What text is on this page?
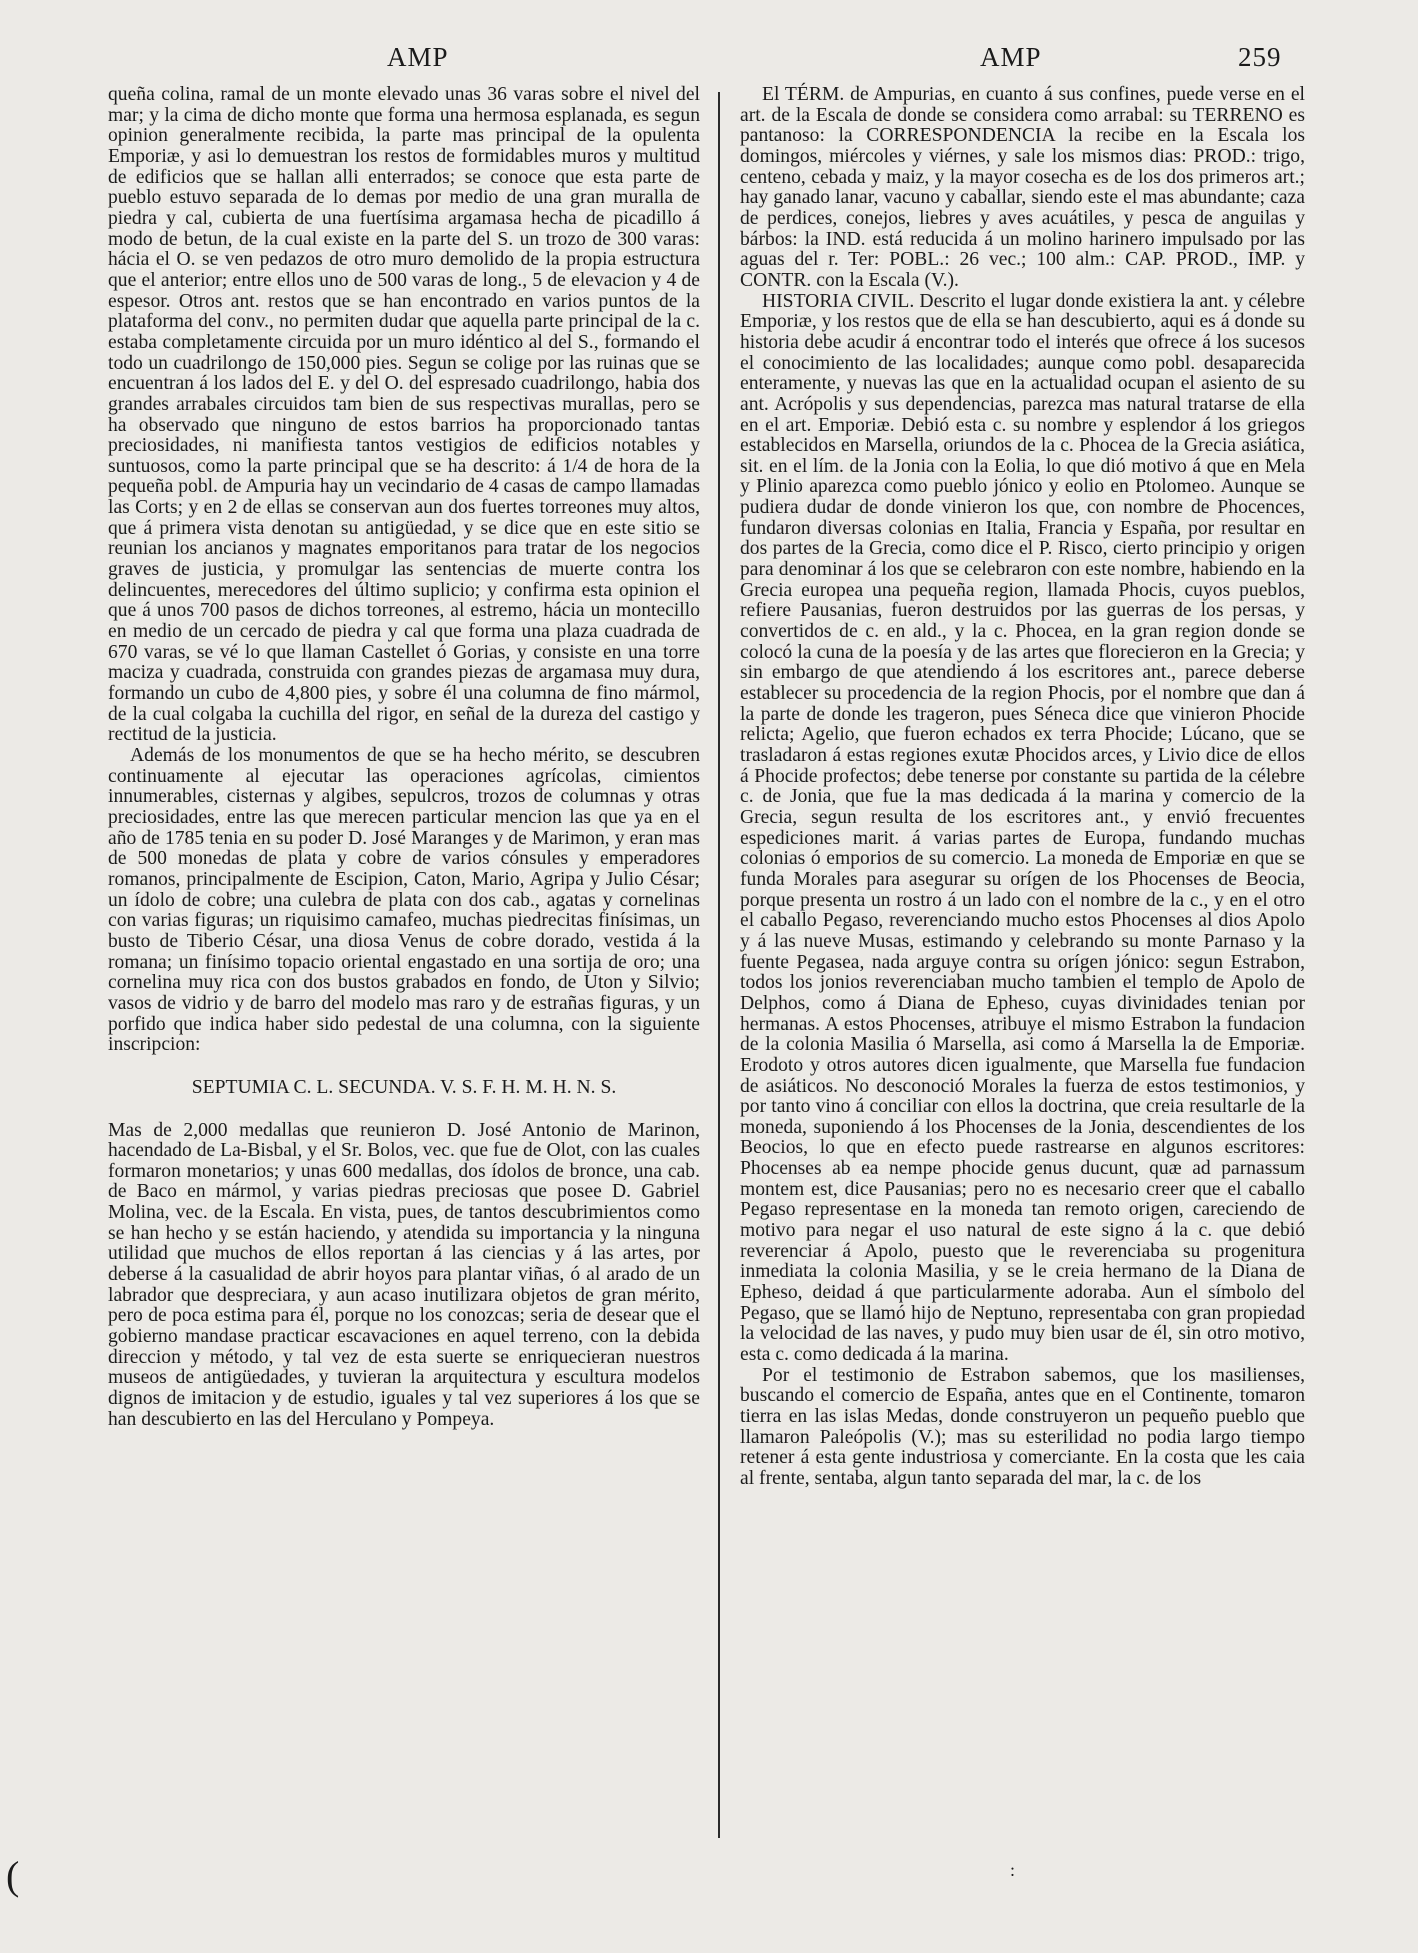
AMP	AMP	259

queña colina, ramal de un monte elevado unas 36 varas sobre el nivel del mar; y la cima de dicho monte que forma una hermosa esplanada, es segun opinion generalmente recibida, la parte mas principal de la opulenta Emporiæ, y asi lo demuestran los restos de formidables muros y multitud de edificios que se hallan alli enterrados; se conoce que esta parte de pueblo estuvo separada de lo demas por medio de una gran muralla de piedra y cal, cubierta de una fuertísima argamasa hecha de picadillo á modo de betun, de la cual existe en la parte del S. un trozo de 300 varas: hácia el O. se ven pedazos de otro muro demolido de la propia estructura que el anterior; entre ellos uno de 500 varas de long., 5 de elevacion y 4 de espesor. Otros ant. restos que se han encontrado en varios puntos de la plataforma del conv., no permiten dudar que aquella parte principal de la c. estaba completamente circuida por un muro idéntico al del S., formando el todo un cuadrilongo de 150,000 pies. Segun se colige por las ruinas que se encuentran á los lados del E. y del O. del espresado cuadrilongo, habia dos grandes arrabales circuidos tam bien de sus respectivas murallas, pero se ha observado que ninguno de estos barrios ha proporcionado tantas preciosidades, ni manifiesta tantos vestigios de edificios notables y suntuosos, como la parte principal que se ha descrito: á 1/4 de hora de la pequeña pobl. de Ampuria hay un vecindario de 4 casas de campo llamadas las Corts; y en 2 de ellas se conservan aun dos fuertes torreones muy altos, que á primera vista denotan su antigüedad, y se dice que en este sitio se reunian los ancianos y magnates emporitanos para tratar de los negocios graves de justicia, y promulgar las sentencias de muerte contra los delincuentes, merecedores del último suplicio; y confirma esta opinion el que á unos 700 pasos de dichos torreones, al estremo, hácia un montecillo en medio de un cercado de piedra y cal que forma una plaza cuadrada de 670 varas, se vé lo que llaman Castellet ó Gorias, y consiste en una torre maciza y cuadrada, construida con grandes piezas de argamasa muy dura, formando un cubo de 4,800 pies, y sobre él una columna de fino mármol, de la cual colgaba la cuchilla del rigor, en señal de la dureza del castigo y rectitud de la justicia.

Además de los monumentos de que se ha hecho mérito, se descubren continuamente al ejecutar las operaciones agrícolas, cimientos innumerables, cisternas y algibes, sepulcros, trozos de columnas y otras preciosidades, entre las que merecen particular mencion las que ya en el año de 1785 tenia en su poder D. José Maranges y de Marimon, y eran mas de 500 monedas de plata y cobre de varios cónsules y emperadores romanos, principalmente de Escipion, Caton, Mario, Agripa y Julio César; un ídolo de cobre; una culebra de plata con dos cab., agatas y cornelinas con varias figuras; un riquisimo camafeo, muchas piedrecitas finísimas, un busto de Tiberio César, una diosa Venus de cobre dorado, vestida á la romana; un finísimo topacio oriental engastado en una sortija de oro; una cornelina muy rica con dos bustos grabados en fondo, de Uton y Silvio; vasos de vidrio y de barro del modelo mas raro y de estrañas figuras, y un porfido que indica haber sido pedestal de una columna, con la siguiente inscripcion:

SEPTUMIA C. L. SECUNDA. V. S. F. H. M. H. N. S.

Mas de 2,000 medallas que reunieron D. José Antonio de Marinon, hacendado de La-Bisbal, y el Sr. Bolos, vec. que fue de Olot, con las cuales formaron monetarios; y unas 600 medallas, dos ídolos de bronce, una cab. de Baco en mármol, y varias piedras preciosas que posee D. Gabriel Molina, vec. de la Escala. En vista, pues, de tantos descubrimientos como se han hecho y se están haciendo, y atendida su importancia y la ninguna utilidad que muchos de ellos reportan á las ciencias y á las artes, por deberse á la casualidad de abrir hoyos para plantar viñas, ó al arado de un labrador que despreciara, y aun acaso inutilizara objetos de gran mérito, pero de poca estima para él, porque no los conozcas; seria de desear que el gobierno mandase practicar escavaciones en aquel terreno, con la debida direccion y método, y tal vez de esta suerte se enriquecieran nuestros museos de antigüedades, y tuvieran la arquitectura y escultura modelos dignos de imitacion y de estudio, iguales y tal vez superiores á los que se han descubierto en las del Herculano y Pompeya.

El TÉRM. de Ampurias, en cuanto á sus confines, puede verse en el art. de la Escala de donde se considera como arrabal: su TERRENO es pantanoso: la CORRESPONDENCIA la recibe en la Escala los domingos, miércoles y viérnes, y sale los mismos dias: PROD.: trigo, centeno, cebada y maiz, y la mayor cosecha es de los dos primeros art.; hay ganado lanar, vacuno y caballar, siendo este el mas abundante; caza de perdices, conejos, liebres y aves acuátiles, y pesca de anguilas y bárbos: la IND. está reducida á un molino harinero impulsado por las aguas del r. Ter: POBL.: 26 vec.; 100 alm.: CAP. PROD., IMP. y CONTR. con la Escala (V.).

HISTORIA CIVIL. Descrito el lugar donde existiera la ant. y célebre Emporiæ, y los restos que de ella se han descubierto, aqui es á donde su historia debe acudir á encontrar todo el interés que ofrece á los sucesos el conocimiento de las localidades; aunque como pobl. desaparecida enteramente, y nuevas las que en la actualidad ocupan el asiento de su ant. Acrópolis y sus dependencias, parezca mas natural tratarse de ella en el art. Emporiæ. Debió esta c. su nombre y esplendor á los griegos establecidos en Marsella, oriundos de la c. Phocea de la Grecia asiática, sit. en el lím. de la Jonia con la Eolia, lo que dió motivo á que en Mela y Plinio aparezca como pueblo jónico y eolio en Ptolomeo. Aunque se pudiera dudar de donde vinieron los que, con nombre de Phocences, fundaron diversas colonias en Italia, Francia y España, por resultar en dos partes de la Grecia, como dice el P. Risco, cierto principio y origen para denominar á los que se celebraron con este nombre, habiendo en la Grecia europea una pequeña region, llamada Phocis, cuyos pueblos, refiere Pausanias, fueron destruidos por las guerras de los persas, y convertidos de c. en ald., y la c. Phocea, en la gran region donde se colocó la cuna de la poesía y de las artes que florecieron en la Grecia; y sin embargo de que atendiendo á los escritores ant., parece deberse establecer su procedencia de la region Phocis, por el nombre que dan á la parte de donde les trageron, pues Séneca dice que vinieron Phocide relicta; Agelio, que fueron echados ex terra Phocide; Lúcano, que se trasladaron á estas regiones exutæ Phocidos arces, y Livio dice de ellos á Phocide profectos; debe tenerse por constante su partida de la célebre c. de Jonia, que fue la mas dedicada á la marina y comercio de la Grecia, segun resulta de los escritores ant., y envió frecuentes espediciones marit. á varias partes de Europa, fundando muchas colonias ó emporios de su comercio. La moneda de Emporiæ en que se funda Morales para asegurar su orígen de los Phocenses de Beocia, porque presenta un rostro á un lado con el nombre de la c., y en el otro el caballo Pegaso, reverenciando mucho estos Phocenses al dios Apolo y á las nueve Musas, estimando y celebrando su monte Parnaso y la fuente Pegasea, nada arguye contra su orígen jónico: segun Estrabon, todos los jonios reverenciaban mucho tambien el templo de Apolo de Delphos, como á Diana de Epheso, cuyas divinidades tenian por hermanas. A estos Phocenses, atribuye el mismo Estrabon la fundacion de la colonia Masilia ó Marsella, asi como á Marsella la de Emporiæ. Erodoto y otros autores dicen igualmente, que Marsella fue fundacion de asiáticos. No desconoció Morales la fuerza de estos testimonios, y por tanto vino á conciliar con ellos la doctrina, que creia resultarle de la moneda, suponiendo á los Phocenses de la Jonia, descendientes de los Beocios, lo que en efecto puede rastrearse en algunos escritores: Phocenses ab ea nempe phocide genus ducunt, quæ ad parnassum montem est, dice Pausanias; pero no es necesario creer que el caballo Pegaso representase en la moneda tan remoto origen, careciendo de motivo para negar el uso natural de este signo á la c. que debió reverenciar á Apolo, puesto que le reverenciaba su progenitura inmediata la colonia Masilia, y se le creia hermano de la Diana de Epheso, deidad á que particularmente adoraba. Aun el símbolo del Pegaso, que se llamó hijo de Neptuno, representaba con gran propiedad la velocidad de las naves, y pudo muy bien usar de él, sin otro motivo, esta c. como dedicada á la marina.

Por el testimonio de Estrabon sabemos, que los masilienses, buscando el comercio de España, antes que en el Continente, tomaron tierra en las islas Medas, donde construyeron un pequeño pueblo que llamaron Paleópolis (V.); mas su esterilidad no podia largo tiempo retener á esta gente industriosa y comerciante. En la costa que les caia al frente, sentaba, algun tanto separada del mar, la c. de los

:
(
